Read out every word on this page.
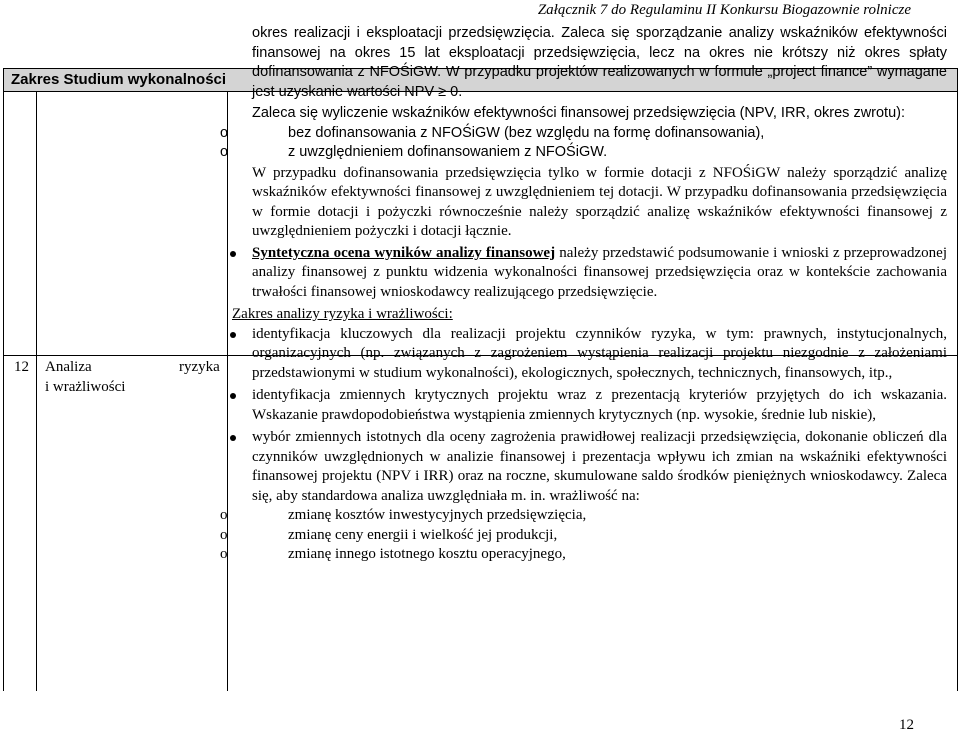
Załącznik 7 do Regulaminu II Konkursu Biogazownie rolnicze
Zakres Studium wykonalności
12 Analiza	ryzyka
i wrażliwości

okres realizacji i eksploatacji przedsięwzięcia. Zaleca się sporządzanie analizy wskaźników efektywności finansowej na okres 15 lat eksploatacji przedsięwzięcia, lecz na okres nie krótszy niż okres spłaty dofinansowania z NFOŚiGW. W przypadku projektów realizowanych w formule „project finance” wymagane jest uzyskanie wartości NPV ≥ 0.

Zaleca się wyliczenie wskaźników efektywności finansowej przedsięwzięcia (NPV, IRR, okres zwrotu):

o	bez dofinansowania z NFOŚiGW (bez względu na formę dofinansowania),
o	z uwzględnieniem dofinansowaniem z NFOŚiGW.

W przypadku dofinansowania przedsięwzięcia tylko w formie dotacji z NFOŚiGW należy sporządzić analizę wskaźników efektywności finansowej z uwzględnieniem tej dotacji. W przypadku dofinansowania przedsięwzięcia w formie dotacji i pożyczki równocześnie należy sporządzić analizę wskaźników efektywności finansowej z uwzględnieniem pożyczki i dotacji łącznie.

Syntetyczna ocena wyników analizy finansowej należy przedstawić podsumowanie i wnioski z przeprowadzonej analizy finansowej z punktu widzenia wykonalności finansowej przedsięwzięcia oraz w kontekście zachowania trwałości finansowej wnioskodawcy realizującego przedsięwzięcie.
Zakres analizy ryzyka i wrażliwości:
identyfikacja kluczowych dla realizacji projektu czynników ryzyka, w tym: prawnych, instytucjonalnych, organizacyjnych (np. związanych z zagrożeniem wystąpienia realizacji projektu niezgodnie z założeniami przedstawionymi w studium wykonalności), ekologicznych, społecznych, technicznych, finansowych, itp.,
identyfikacja zmiennych krytycznych projektu wraz z prezentacją kryteriów przyjętych do ich wskazania. Wskazanie prawdopodobieństwa wystąpienia zmiennych krytycznych (np. wysokie, średnie lub niskie),
wybór zmiennych istotnych dla oceny zagrożenia prawidłowej realizacji przedsięwzięcia, dokonanie obliczeń dla czynników uwzględnionych w analizie finansowej i prezentacja wpływu ich zmian na wskaźniki efektywności finansowej projektu (NPV i IRR) oraz na roczne, skumulowane saldo środków pieniężnych wnioskodawcy. Zaleca się, aby standardowa analiza uwzględniała m. in. wrażliwość na:
o	zmianę kosztów inwestycyjnych przedsięwzięcia,
o	zmianę ceny energii i wielkość jej produkcji,
o	zmianę innego istotnego kosztu operacyjnego,
12
